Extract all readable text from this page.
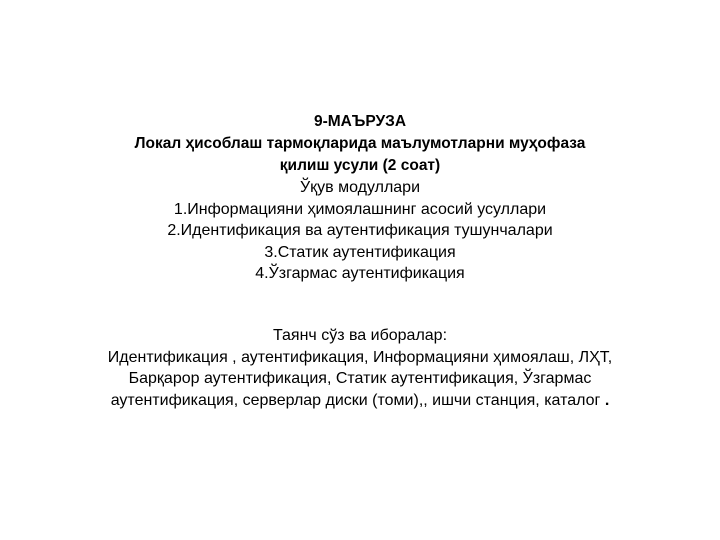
9-МАЪРУЗА
Локал ҳисоблаш тармоқларида маълумотларни муҳофаза
қилиш усули (2 соат)
Ўқув модуллари
1.Информацияни ҳимоялашнинг асосий усуллари
2.Идентификация ва аутентификация тушунчалари
3.Статик аутентификация
4.Ўзгармас аутентификация
Таянч сўз ва иборалар:
Идентификация , аутентификация, Информацияни ҳимоялаш, ЛҲТ,
Барқарор аутентификация, Статик аутентификация, Ўзгармас
аутентификация, серверлар диски (томи),, ишчи станция, каталог .
